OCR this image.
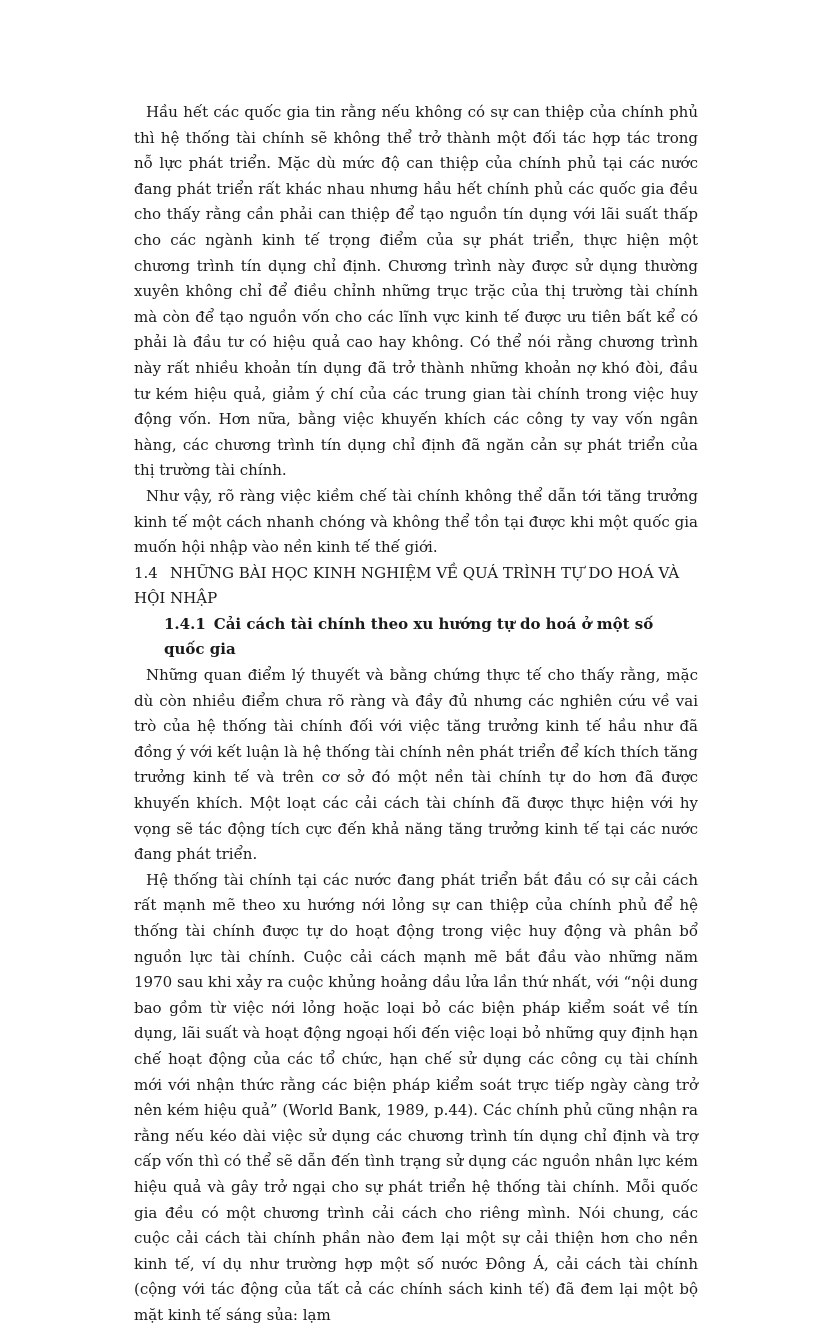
Hầu hết các quốc gia tin rằng nếu không có sự can thiệp của chính phủ thì hệ thống tài chính sẽ không thể trở thành một đối tác hợp tác trong nỗ lực phát triển. Mặc dù mức độ can thiệp của chính phủ tại các nước đang phát triển rất khác nhau nhưng hầu hết chính phủ các quốc gia đều cho thấy rằng cần phải can thiệp để tạo nguồn tín dụng với lãi suất thấp cho các ngành kinh tế trọng điểm của sự phát triển, thực hiện một chương trình tín dụng chỉ định. Chương trình này được sử dụng thường xuyên không chỉ để điều chỉnh những trục trặc của thị trường tài chính mà còn để tạo nguồn vốn cho các lĩnh vực kinh tế được ưu tiên bất kể có phải là đầu tư có hiệu quả cao hay không. Có thể nói rằng chương trình này rất nhiều khoản tín dụng đã trở thành những khoản nợ khó đòi, đầu tư kém hiệu quả, giảm ý chí của các trung gian tài chính trong việc huy động vốn. Hơn nữa, bằng việc khuyến khích các công ty vay vốn ngân hàng, các chương trình tín dụng chỉ định đã ngăn cản sự phát triển của thị trường tài chính.

Như vậy, rõ ràng việc kiềm chế tài chính không thể dẫn tới tăng trưởng kinh tế một cách nhanh chóng và không thể tồn tại được khi một quốc gia muốn hội nhập vào nền kinh tế thế giới.

1.4 NHỮNG BÀI HỌC KINH NGHIỆM VỀ QUÁ TRÌNH TỰ DO HOÁ VÀ HỘI NHẬP
1.4.1 Cải cách tài chính theo xu hướng tự do hoá ở một số quốc gia

Những quan điểm lý thuyết và bằng chứng thực tế cho thấy rằng, mặc dù còn nhiều điểm chưa rõ ràng và đầy đủ nhưng các nghiên cứu về vai trò của hệ thống tài chính đối với việc tăng trưởng kinh tế hầu như đã đồng ý với kết luận là hệ thống tài chính nên phát triển để kích thích tăng trưởng kinh tế và trên cơ sở đó một nền tài chính tự do hơn đã được khuyến khích. Một loạt các cải cách tài chính đã được thực hiện với hy vọng sẽ tác động tích cực đến khả năng tăng trưởng kinh tế tại các nước đang phát triển.

Hệ thống tài chính tại các nước đang phát triển bắt đầu có sự cải cách rất mạnh mẽ theo xu hướng nới lỏng sự can thiệp của chính phủ để hệ thống tài chính được tự do hoạt động trong việc huy động và phân bổ nguồn lực tài chính. Cuộc cải cách mạnh mẽ bắt đầu vào những năm 1970 sau khi xảy ra cuộc khủng hoảng dầu lửa lần thứ nhất, với “nội dung bao gồm từ việc nới lỏng hoặc loại bỏ các biện pháp kiểm soát về tín dụng, lãi suất và hoạt động ngoại hối đến việc loại bỏ những quy định hạn chế hoạt động của các tổ chức, hạn chế sử dụng các công cụ tài chính mới với nhận thức rằng các biện pháp kiểm soát trực tiếp ngày càng trở nên kém hiệu quả” (World Bank, 1989, p.44). Các chính phủ cũng nhận ra rằng nếu kéo dài việc sử dụng các chương trình tín dụng chỉ định và trợ cấp vốn thì có thể sẽ dẫn đến tình trạng sử dụng các nguồn nhân lực kém hiệu quả và gây trở ngại cho sự phát triển hệ thống tài chính. Mỗi quốc gia đều có một chương trình cải cách cho riêng mình. Nói chung, các cuộc cải cách tài chính phần nào đem lại một sự cải thiện hơn cho nền kinh tế, ví dụ như trường hợp một số nước Đông Á, cải cách tài chính (cộng với tác động của tất cả các chính sách kinh tế) đã đem lại một bộ mặt kinh tế sáng sủa: lạm
